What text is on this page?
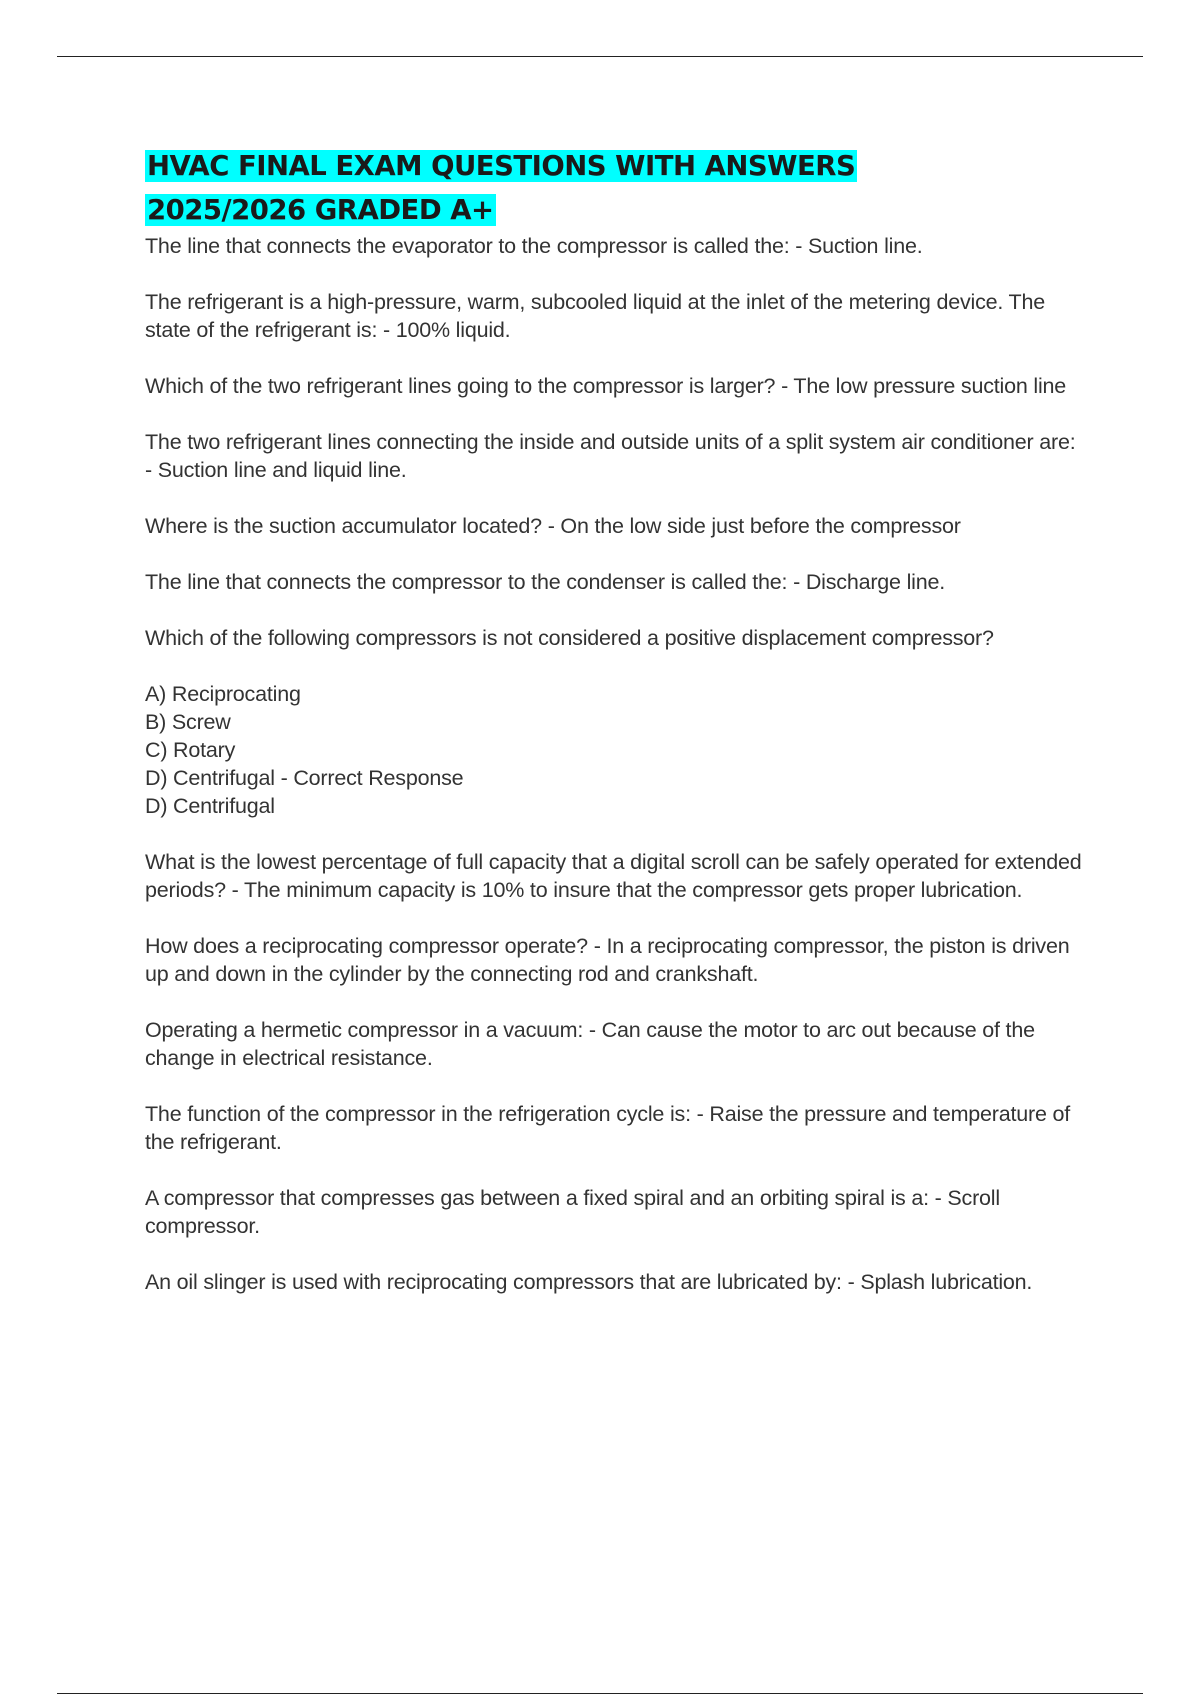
HVAC FINAL EXAM QUESTIONS WITH ANSWERS
2025/2026 GRADED A+

The line that connects the evaporator to the compressor is called the: - Suction line.

The refrigerant is a high-pressure, warm, subcooled liquid at the inlet of the metering device. The state of the refrigerant is: - 100% liquid.

Which of the two refrigerant lines going to the compressor is larger? - The low pressure suction line

The two refrigerant lines connecting the inside and outside units of a split system air conditioner are: - Suction line and liquid line.

Where is the suction accumulator located? - On the low side just before the compressor

The line that connects the compressor to the condenser is called the: - Discharge line.

Which of the following compressors is not considered a positive displacement compressor?

A) Reciprocating
B) Screw
C) Rotary
D) Centrifugal - Correct Response
D) Centrifugal

What is the lowest percentage of full capacity that a digital scroll can be safely operated for extended periods? - The minimum capacity is 10% to insure that the compressor gets proper lubrication.

How does a reciprocating compressor operate? - In a reciprocating compressor, the piston is driven up and down in the cylinder by the connecting rod and crankshaft.

Operating a hermetic compressor in a vacuum: - Can cause the motor to arc out because of the change in electrical resistance.

The function of the compressor in the refrigeration cycle is: - Raise the pressure and temperature of the refrigerant.

A compressor that compresses gas between a fixed spiral and an orbiting spiral is a: - Scroll compressor.

An oil slinger is used with reciprocating compressors that are lubricated by: - Splash lubrication.
